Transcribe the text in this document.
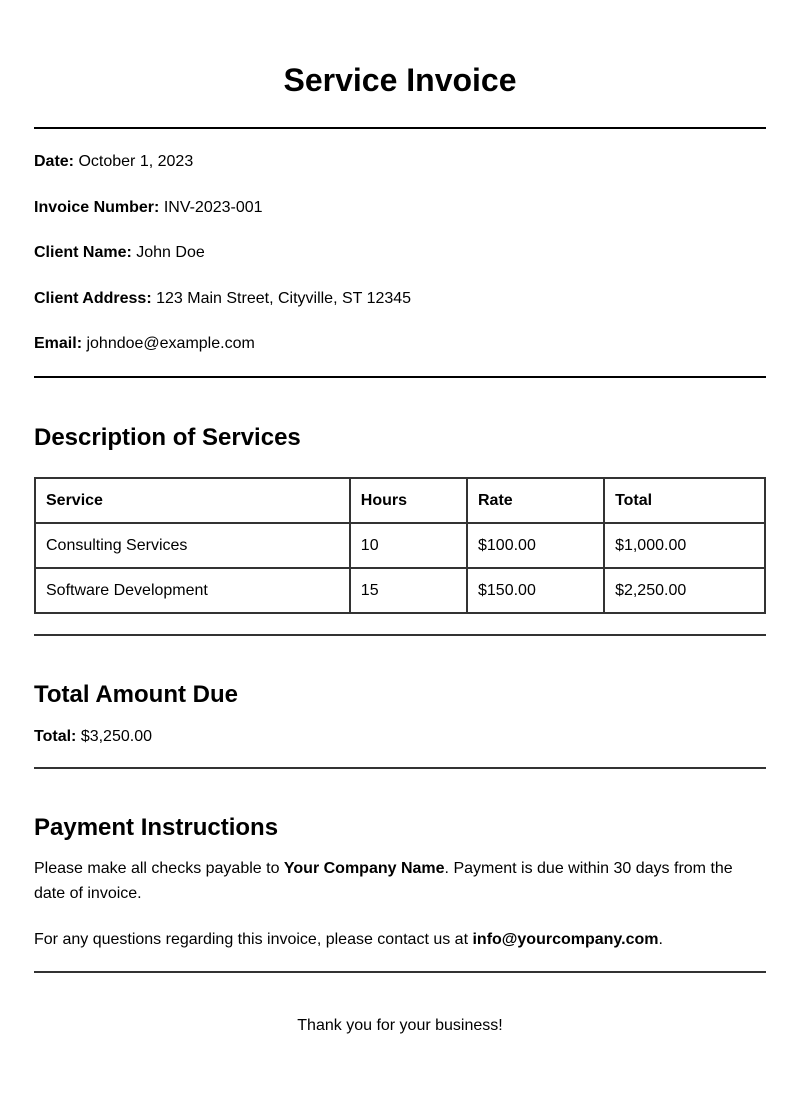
Service Invoice

Date: October 1, 2023

Invoice Number: INV-2023-001

Client Name: John Doe

Client Address: 123 Main Street, Cityville, ST 12345

Email: johndoe@example.com

Description of Services
Service	Hours	Rate	Total
Consulting Services	10	$100.00	$1,000.00
Software Development	15	$150.00	$2,250.00
Total Amount Due

Total: $3,250.00

Payment Instructions

Please make all checks payable to Your Company Name. Payment is due within 30 days from the date of invoice.

For any questions regarding this invoice, please contact us at info@yourcompany.com.

Thank you for your business!
